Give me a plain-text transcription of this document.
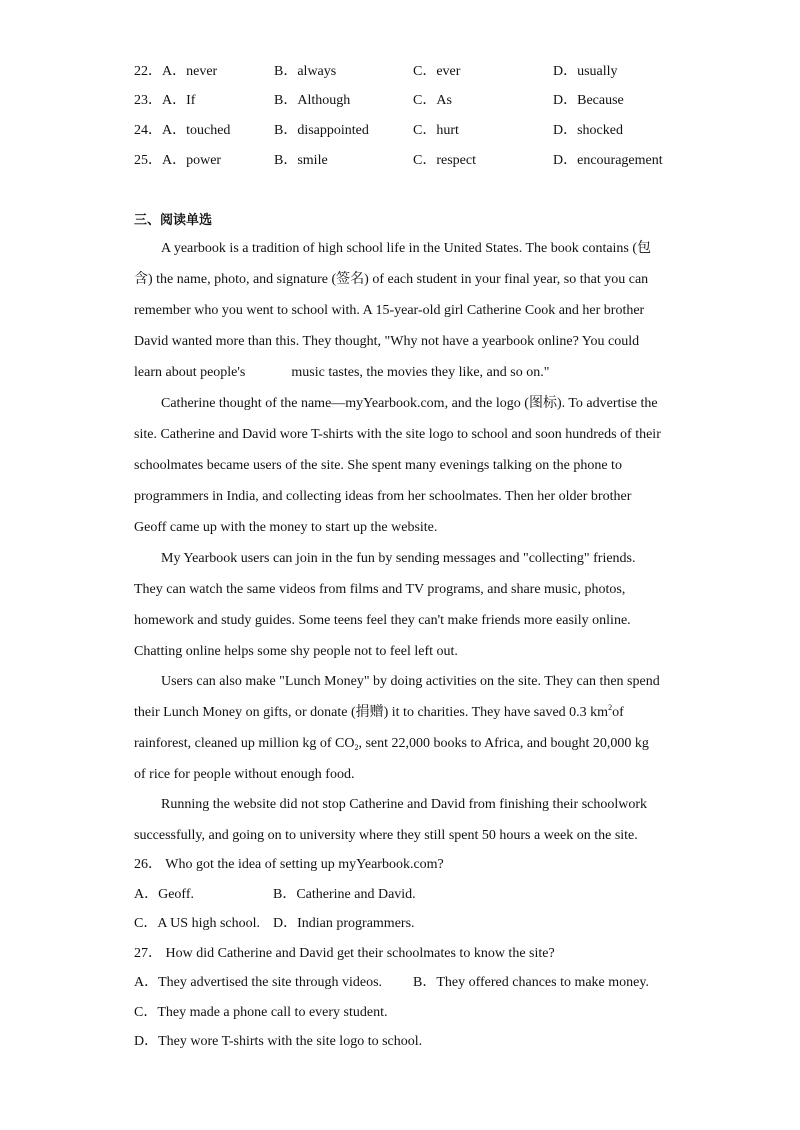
22．A．never	B．always	C．ever	D．usually
23．A．If	B．Although	C．As	D．Because
24．A．touched	B．disappointed	C．hurt	D．shocked
25．A．power	B．smile	C．respect	D．encouragement
三、阅读单选
A yearbook is a tradition of high school life in the United States. The book contains (包
含) the name, photo, and signature (签名) of each student in your final year, so that you can
remember who you went to school with. A 15-year-old girl Catherine Cook and her brother
David wanted more than this. They thought, "Why not have a yearbook online? You could
learn about people's	music tastes, the movies they like, and so on."
Catherine thought of the name—myYearbook.com, and the logo (图标). To advertise the
site. Catherine and David wore T-shirts with the site logo to school and soon hundreds of their
schoolmates became users of the site. She spent many evenings talking on the phone to
programmers in India, and collecting ideas from her schoolmates. Then her older brother
Geoff came up with the money to start up the website.
My Yearbook users can join in the fun by sending messages and "collecting" friends.
They can watch the same videos from films and TV programs, and share music, photos,
homework and study guides. Some teens feel they can't make friends more easily online.
Chatting online helps some shy people not to feel left out.
Users can also make "Lunch Money" by doing activities on the site. They can then spend
their Lunch Money on gifts, or donate (捐赠) it to charities. They have saved 0.3 $km^2of$
rainforest, cleaned up million kg of $CO_2$, sent 22,000 books to Africa, and bought 20,000 kg
of rice for people without enough food.
Running the website did not stop Catherine and David from finishing their schoolwork
successfully, and going on to university where they still spent 50 hours a week on the site.
26． Who got the idea of setting up myYearbook.com?
A．Geoff.	B．Catherine and David.
C．A US high school. D．Indian programmers.
27． How did Catherine and David get their schoolmates to know the site?
A．They advertised the site through videos. B．They offered chances to make money.
C．They made a phone call to every student.
D．They wore T-shirts with the site logo to school.
